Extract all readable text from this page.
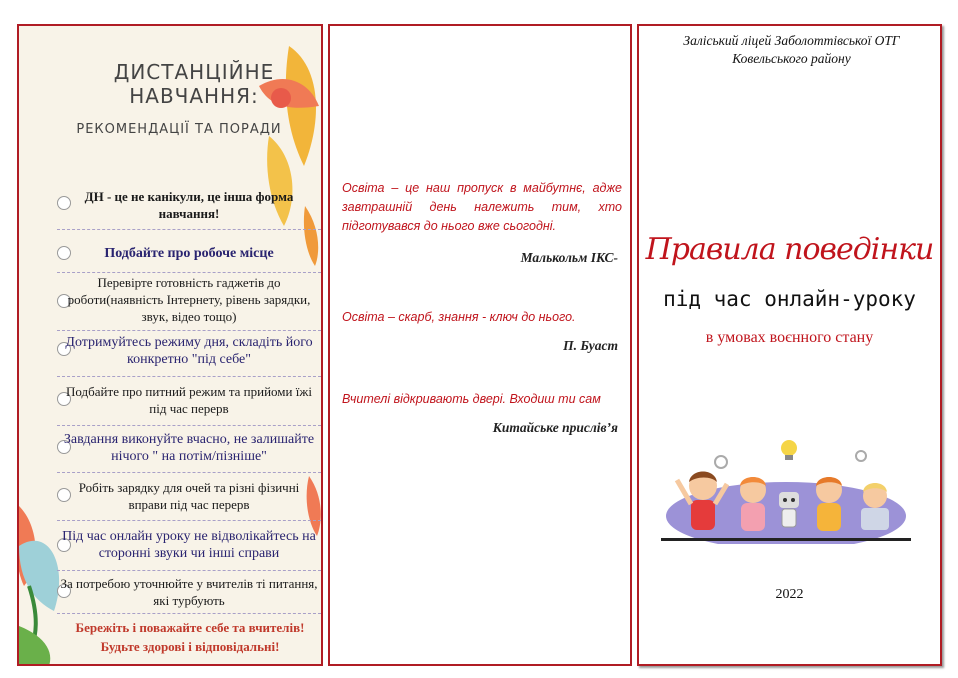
ДИСТАНЦІЙНЕ НАВЧАННЯ:
РЕКОМЕНДАЦІЇ ТА ПОРАДИ
ДН - це не канікули, це інша форма навчання!
Подбайте про робоче місце
Перевірте готовність гаджетів до роботи(наявність Інтернету, рівень зарядки, звук, відео тощо)
Дотримуйтесь режиму дня, складіть його конкретно "під себе"
Подбайте про питний режим та прийоми їжі під час перерв
Завдання виконуйте вчасно, не залишайте нічого " на потім/пізніше"
Робіть зарядку для очей та різні фізичні вправи під час перерв
Під час онлайн уроку не відволікайтесь на сторонні звуки чи інші справи
За потребою уточнюйте у вчителів ті питання, які турбують
Бережіть і поважайте себе та вчителів! Будьте здорові і відповідальні!
Освіта – це наш пропуск в майбутнє, адже завтрашній день належить тим, хто підготувався до нього вже сьогодні.
Малькольм ІКС-
Освіта – скарб, знання - ключ до нього.
П. Буаст
Вчителі відкривають двері. Входиш ти сам
Китайське прислів’я
Заліський ліцей Заболоттівської ОТГ Ковельського району
Правила поведінки
під час онлайн-уроку
в умовах воєнного стану
2022
